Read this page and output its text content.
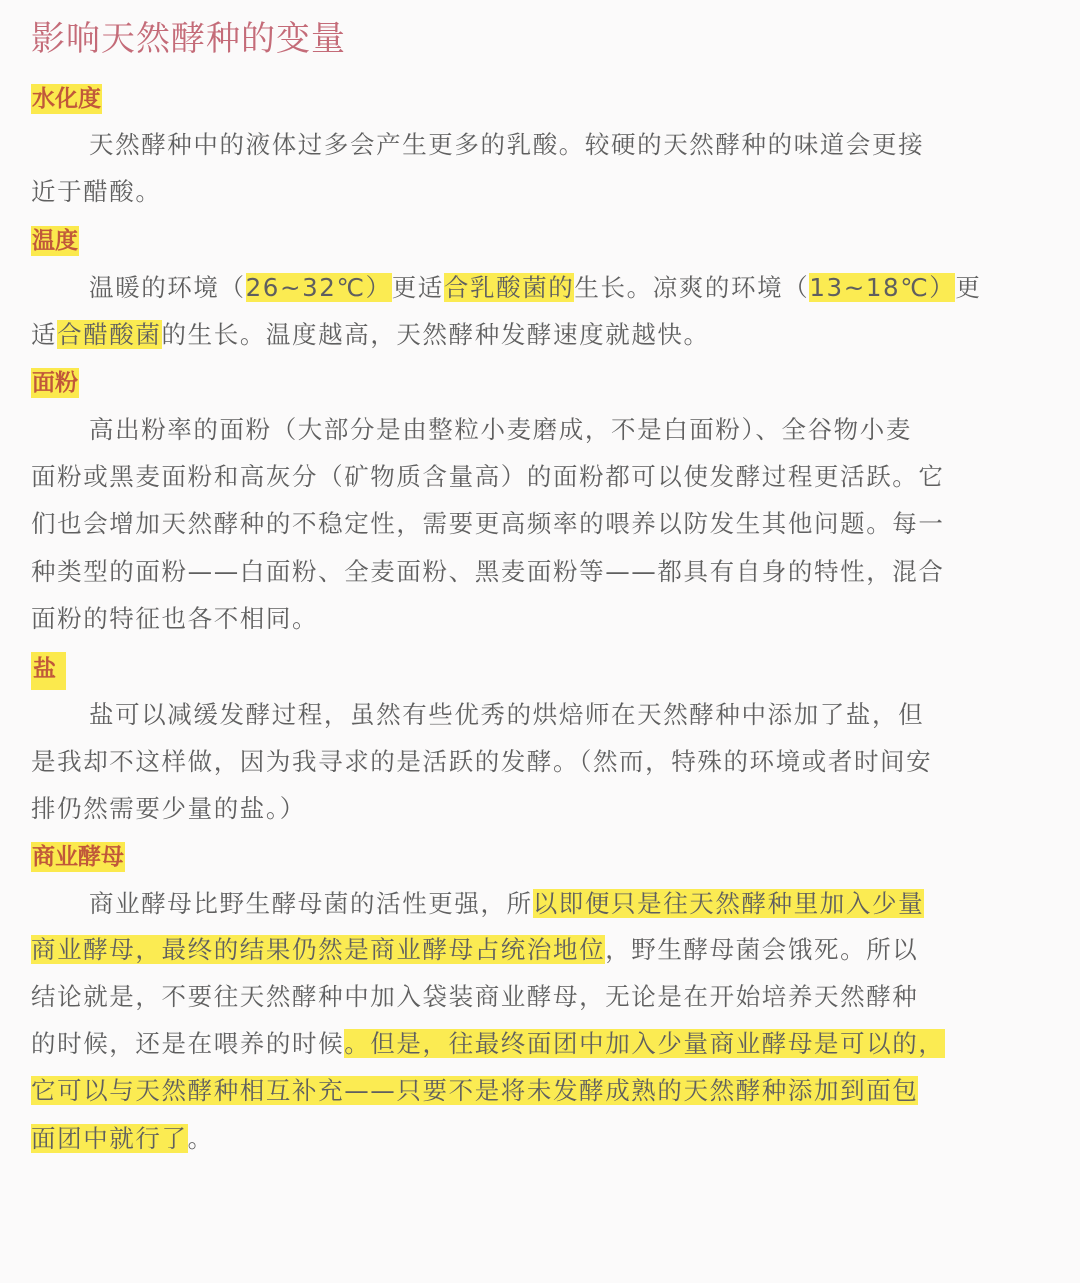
影响天然酵种的变量
水化度
天然酵种中的液体过多会产生更多的乳酸。较硬的天然酵种的味道会更接
近于醋酸。
温度
温暖的环境（26~32℃）更适合乳酸菌的生长。凉爽的环境（13~18℃）更
适合醋酸菌的生长。温度越高，天然酵种发酵速度就越快。
面粉
高出粉率的面粉（大部分是由整粒小麦磨成，不是白面粉）、全谷物小麦
面粉或黑麦面粉和高灰分（矿物质含量高）的面粉都可以使发酵过程更活跃。它
们也会增加天然酵种的不稳定性，需要更高频率的喂养以防发生其他问题。每一
种类型的面粉——白面粉、全麦面粉、黑麦面粉等——都具有自身的特性，混合
面粉的特征也各不相同。
盐
盐可以减缓发酵过程，虽然有些优秀的烘焙师在天然酵种中添加了盐，但
是我却不这样做，因为我寻求的是活跃的发酵。（然而，特殊的环境或者时间安
排仍然需要少量的盐。）
商业酵母
商业酵母比野生酵母菌的活性更强，所以即便只是往天然酵种里加入少量
商业酵母，最终的结果仍然是商业酵母占统治地位，野生酵母菌会饿死。所以
结论就是，不要往天然酵种中加入袋装商业酵母，无论是在开始培养天然酵种
的时候，还是在喂养的时候。但是，往最终面团中加入少量商业酵母是可以的，
它可以与天然酵种相互补充——只要不是将未发酵成熟的天然酵种添加到面包
面团中就行了。
